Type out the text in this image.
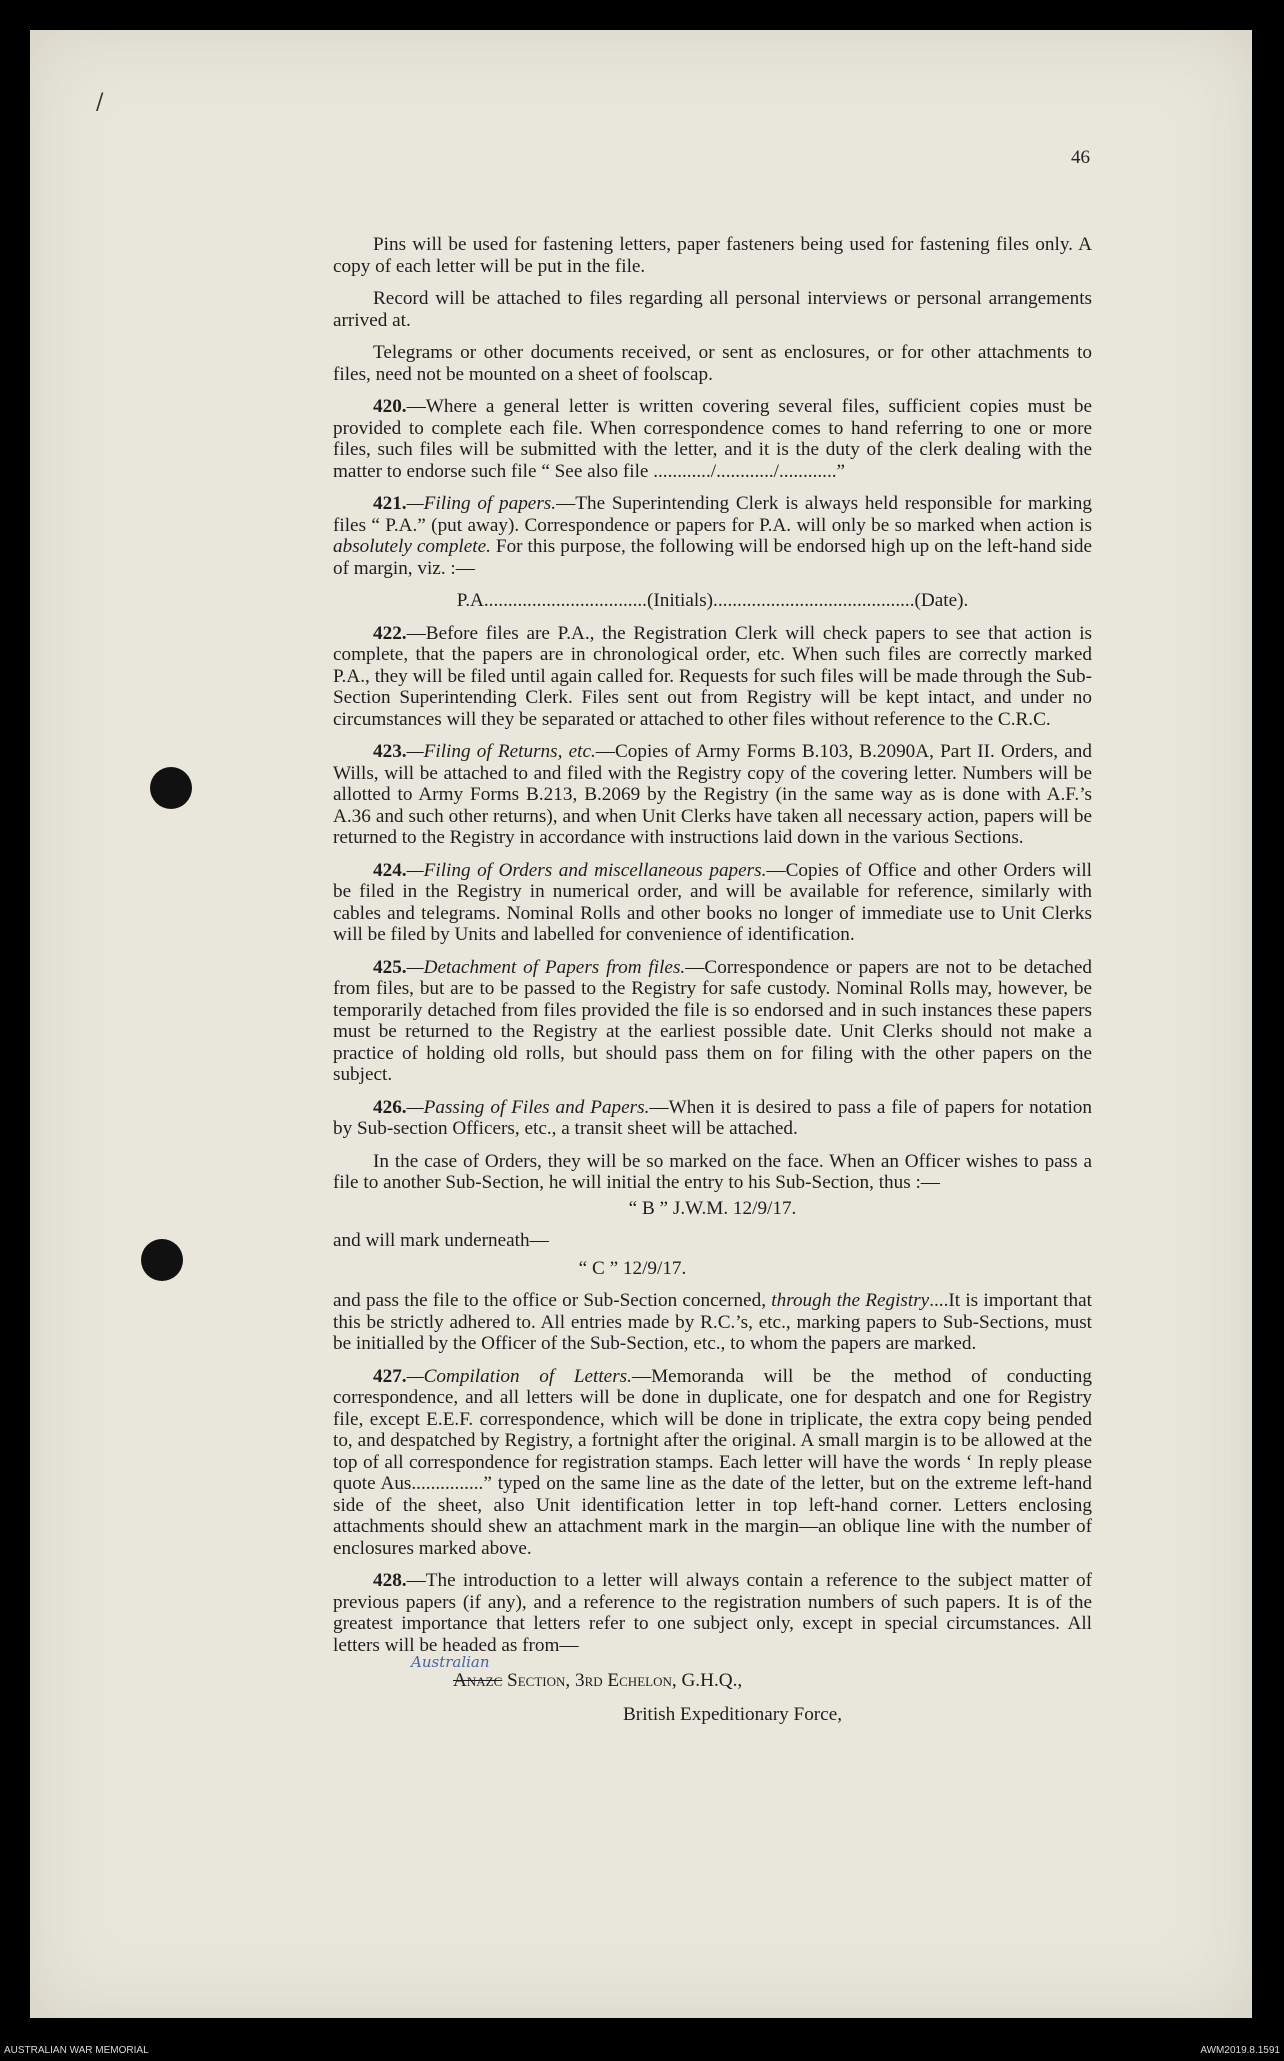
/
46

Pins will be used for fastening letters, paper fasteners being used for fastening files only. A copy of each letter will be put in the file.

Record will be attached to files regarding all personal interviews or personal arrangements arrived at.

Telegrams or other documents received, or sent as enclosures, or for other attachments to files, need not be mounted on a sheet of foolscap.

420.—Where a general letter is written covering several files, sufficient copies must be provided to complete each file. When correspondence comes to hand referring to one or more files, such files will be submitted with the letter, and it is the duty of the clerk dealing with the matter to endorse such file “ See also file ............/............/............”

421.—Filing of papers.—The Superintending Clerk is always held responsible for marking files “ P.A.” (put away). Correspondence or papers for P.A. will only be so marked when action is absolutely complete. For this purpose, the following will be endorsed high up on the left-hand side of margin, viz. :—

P.A..................................(Initials)..........................................(Date).

422.—Before files are P.A., the Registration Clerk will check papers to see that action is complete, that the papers are in chronological order, etc. When such files are correctly marked P.A., they will be filed until again called for. Requests for such files will be made through the Sub-Section Superintending Clerk. Files sent out from Registry will be kept intact, and under no circumstances will they be separated or attached to other files without reference to the C.R.C.

423.—Filing of Returns, etc.—Copies of Army Forms B.103, B.2090A, Part II. Orders, and Wills, will be attached to and filed with the Registry copy of the covering letter. Numbers will be allotted to Army Forms B.213, B.2069 by the Registry (in the same way as is done with A.F.’s A.36 and such other returns), and when Unit Clerks have taken all necessary action, papers will be returned to the Registry in accordance with instructions laid down in the various Sections.

424.—Filing of Orders and miscellaneous papers.—Copies of Office and other Orders will be filed in the Registry in numerical order, and will be available for reference, similarly with cables and telegrams. Nominal Rolls and other books no longer of immediate use to Unit Clerks will be filed by Units and labelled for convenience of identification.

425.—Detachment of Papers from files.—Correspondence or papers are not to be detached from files, but are to be passed to the Registry for safe custody. Nominal Rolls may, however, be temporarily detached from files provided the file is so endorsed and in such instances these papers must be returned to the Registry at the earliest possible date. Unit Clerks should not make a practice of holding old rolls, but should pass them on for filing with the other papers on the subject.

426.—Passing of Files and Papers.—When it is desired to pass a file of papers for notation by Sub-section Officers, etc., a transit sheet will be attached.

In the case of Orders, they will be so marked on the face. When an Officer wishes to pass a file to another Sub-Section, he will initial the entry to his Sub-Section, thus :—

“ B ” J.W.M. 12/9/17.

and will mark underneath—

“ C ” 12/9/17.

and pass the file to the office or Sub-Section concerned, through the Registry....It is important that this be strictly adhered to. All entries made by R.C.’s, etc., marking papers to Sub-Sections, must be initialled by the Officer of the Sub-Section, etc., to whom the papers are marked.

427.—Compilation of Letters.—Memoranda will be the method of conducting correspondence, and all letters will be done in duplicate, one for despatch and one for Registry file, except E.E.F. correspondence, which will be done in triplicate, the extra copy being pended to, and despatched by Registry, a fortnight after the original. A small margin is to be allowed at the top of all correspondence for registration stamps. Each letter will have the words ‘ In reply please quote Aus...............” typed on the same line as the date of the letter, but on the extreme left-hand side of the sheet, also Unit identification letter in top left-hand corner. Letters enclosing attachments should shew an attachment mark in the margin—an oblique line with the number of enclosures marked above.

428.—The introduction to a letter will always contain a reference to the subject matter of previous papers (if any), and a reference to the registration numbers of such papers. It is of the greatest importance that letters refer to one subject only, except in special circumstances. All letters will be headed as from—

Australian
Anazc Section, 3rd Echelon, G.H.Q.,
British Expeditionary Force,
AUSTRALIAN WAR MEMORIAL	AWM2019.8.1591
